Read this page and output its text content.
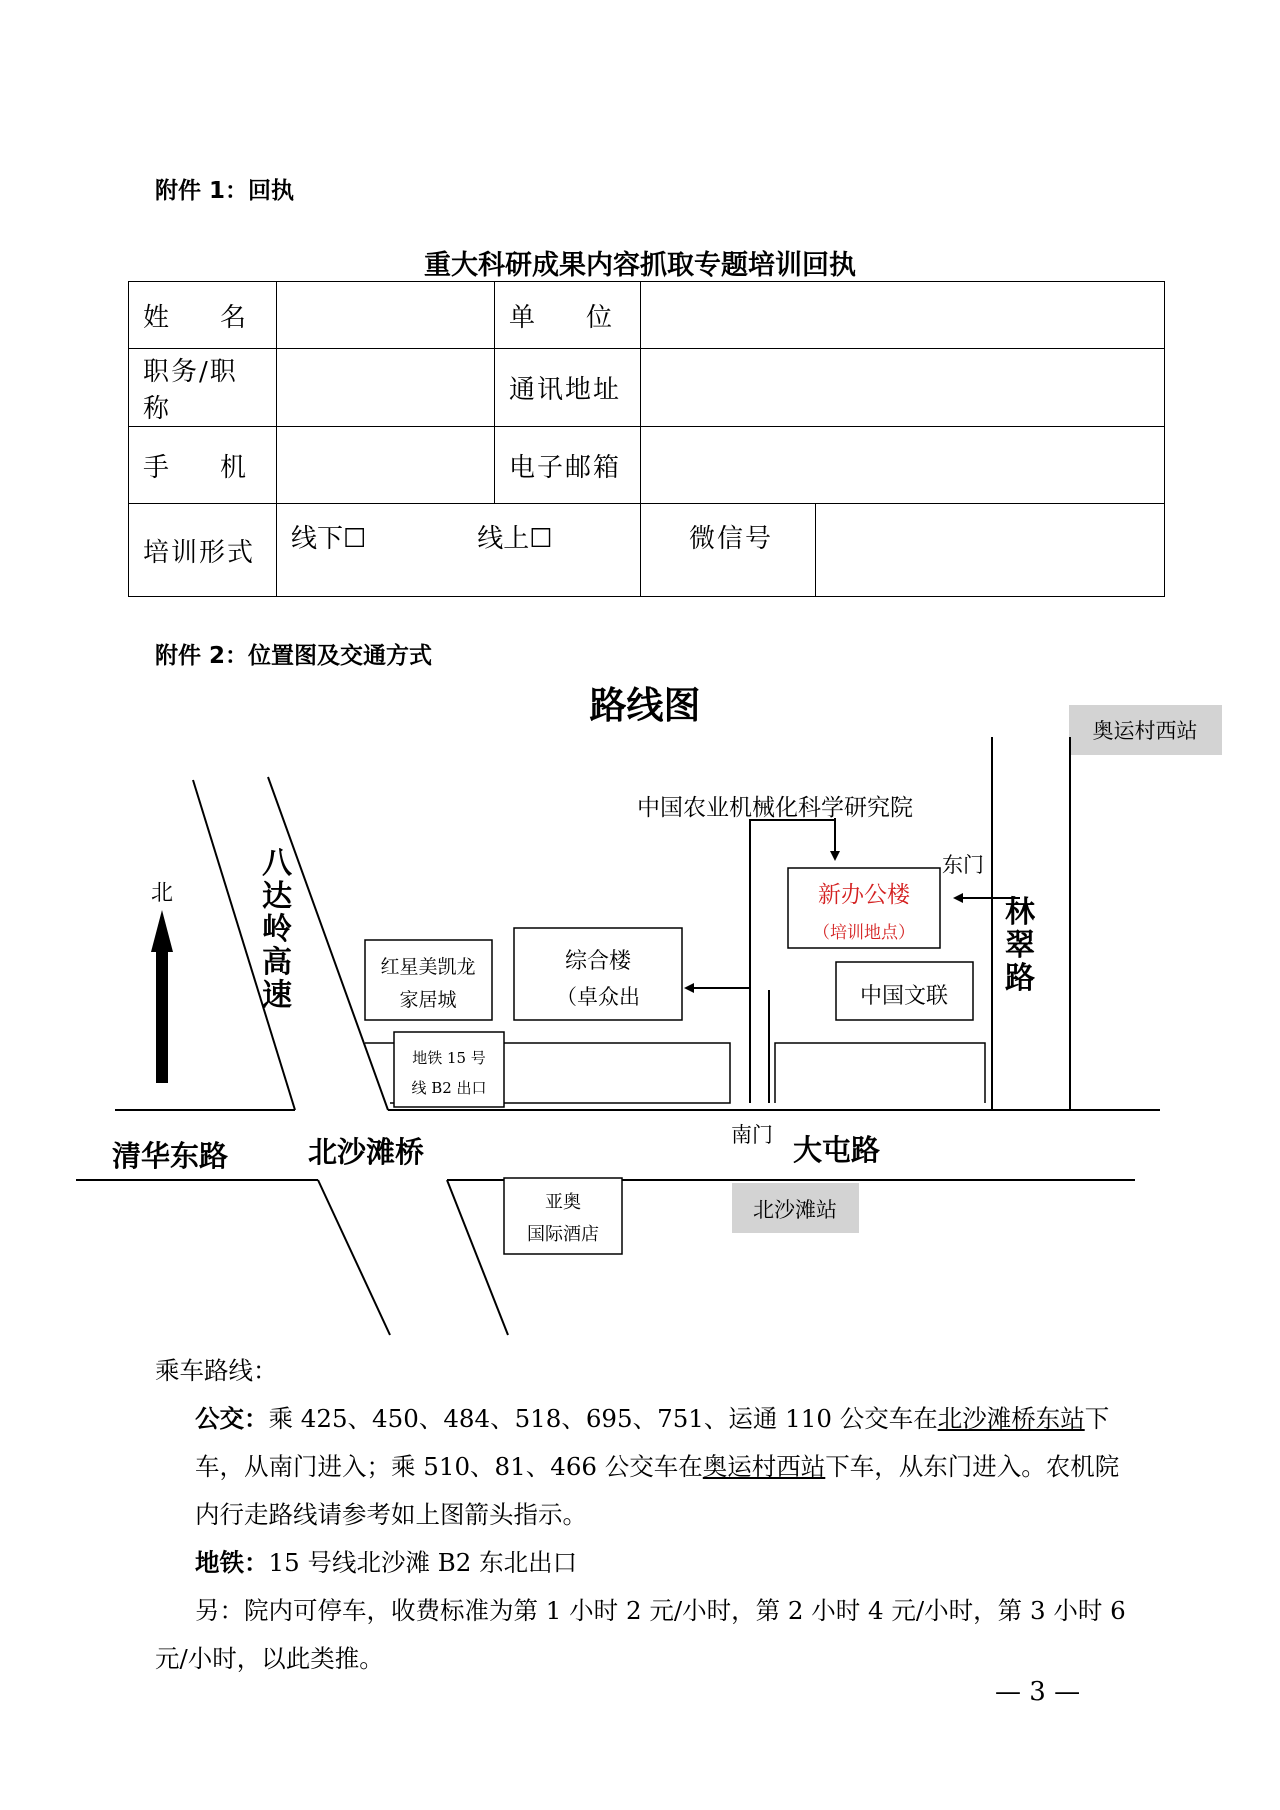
附件 1：回执
重大科研成果内容抓取专题培训回执
姓 名		单 位		

职务/职称		通讯地址		

手 机		电子邮箱		
培训形式	线下☐ 线上☐		微信号	
附件 2：位置图及交通方式
路线图
奥运村西站
北沙滩站
北
八达岭高速
清华东路	北沙滩桥	大屯路
林翠路
中国农业机械化科学研究院
东门
南门
新办公楼
（培训地点）
综合楼
（卓众出
红星美凯龙
家居城	中国文联
地铁 15 号
线 B2 出口
亚奥
国际酒店
乘车路线：
公交：乘 425、450、484、518、695、751、运通 110 公交车在北沙滩桥东站下车，从南门进入；乘 510、81、466 公交车在奥运村西站下车，从东门进入。农机院内行走路线请参考如上图箭头指示。
地铁：15 号线北沙滩 B2 东北出口
另：院内可停车，收费标准为第 1 小时 2 元/小时，第 2 小时 4 元/小时，第 3 小时 6 元/小时，以此类推。
— 3 —
